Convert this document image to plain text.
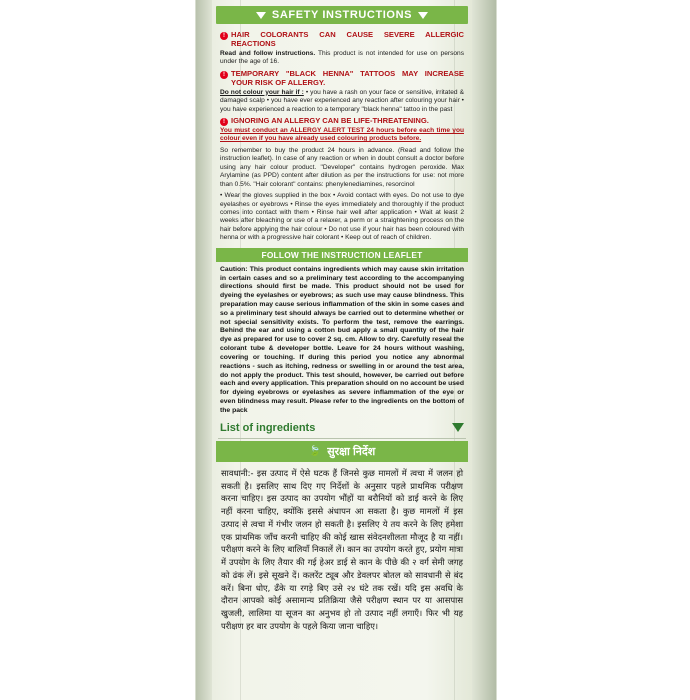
SAFETY INSTRUCTIONS
! HAIR COLORANTS CAN CAUSE SEVERE ALLERGIC REACTIONS

Read and follow instructions. This product is not intended for use on persons under the age of 16.

! TEMPORARY "BLACK HENNA" TATTOOS MAY INCREASE YOUR RISK OF ALLERGY.

Do not colour your hair if : • you have a rash on your face or sensitive, irritated & damaged scalp • you have ever experienced any reaction after colouring your hair • you have experienced a reaction to a temporary "black henna" tattoo in the past

! IGNORING AN ALLERGY CAN BE LIFE-THREATENING.

You must conduct an ALLERGY ALERT TEST 24 hours before each time you colour even if you have already used colouring products before.

So remember to buy the product 24 hours in advance. (Read and follow the instruction leaflet). In case of any reaction or when in doubt consult a doctor before using any hair colour product. "Developer" contains hydrogen peroxide. Max Arylamine (as PPD) content after dilution as per the instructions for use: not more than 0.5%. "Hair colorant" contains: phenylenediamines, resorcinol

• Wear the gloves supplied in the box • Avoid contact with eyes. Do not use to dye eyelashes or eyebrows • Rinse the eyes immediately and thoroughly if the product comes into contact with them • Rinse hair well after application • Wait at least 2 weeks after bleaching or use of a relaxer, a perm or a straightening process on the hair before applying the hair colour • Do not use if your hair has been coloured with henna or with a progressive hair colorant • Keep out of reach of children.

FOLLOW THE INSTRUCTION LEAFLET
Caution: This product contains ingredients which may cause skin irritation in certain cases and so a preliminary test according to the accompanying directions should first be made. This product should not be used for dyeing the eyelashes or eyebrows; as such use may cause blindness. This preparation may cause serious inflammation of the skin in some cases and so a preliminary test should always be carried out to determine whether or not special sensitivity exists. To perform the test, remove the earrings. Behind the ear and using a cotton bud apply a small quantity of the hair dye as prepared for use to cover 2 sq. cm. Allow to dry. Carefully reseal the colorant tube & developer bottle. Leave for 24 hours without washing, covering or touching. If during this period you notice any abnormal reactions - such as itching, redness or swelling in or around the test area, do not apply the product. This test should, however, be carried out before each and every application. This preparation should on no account be used for dyeing eyebrows or eyelashes as severe inflammation of the eye or even blindness may result. Please refer to the ingredients on the bottom of the pack
List of ingredients
🍃 सुरक्षा निर्देश
सावधानी:- इस उत्पाद में ऐसे घटक हैं जिनसे कुछ मामलों में त्वचा में जलन हो सकती है। इसलिए साथ दिए गए निर्देशों के अनुसार पहले प्राथमिक परीक्षण करना चाहिए। इस उत्पाद का उपयोग भौंहों या बरौनियों को डाई करने के लिए नहीं करना चाहिए, क्योंकि इससे अंधापन आ सकता है। कुछ मामलों में इस उत्पाद से त्वचा में गंभीर जलन हो सकती है। इसलिए ये तय करने के लिए हमेशा एक प्राथमिक जाँच करनी चाहिए की कोई खास संवेदनशीलता मौजूद है या नहीं। परीक्षण करने के लिए बालियाँ निकालें लें। कान का उपयोग करते हुए, प्रयोग मात्रा में उपयोग के लिए तैयार की गई हेअर डाई से कान के पीछे की २ वर्ग सेमी जगह को ढंक लें। इसे सूखने दें। कलरेंट ट्यूब और डेवलपर बोतल को सावधानी से बंद करें। बिना धोए, ढँके या रगड़े बिए उसे २४ घंटे तक रखें। यदि इस अवधि के दौरान आपको कोई असामान्य प्रतिक्रिया जैसे परीक्षण स्थान पर या आसपास खुजली, लालिमा या सूजन का अनुभव हो तो उत्पाद नहीं लगाएँ। फिर भी यह परीक्षण हर बार उपयोग के पहले किया जाना चाहिए।
